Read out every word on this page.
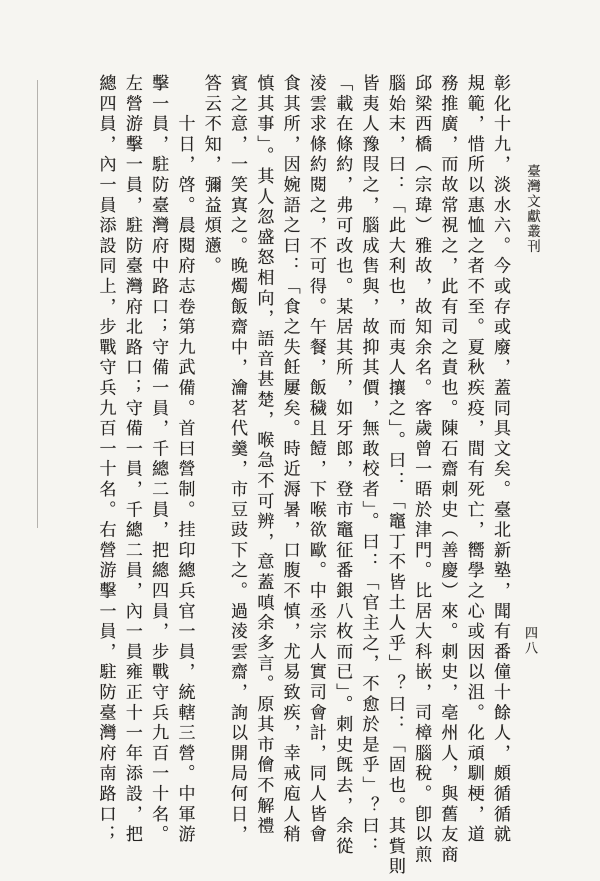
臺灣文獻叢刊
四八
彰化十九，淡水六。今或存或廢，蓋同具文矣。臺北新塾，聞有番僮十餘人，頗循循就
規範，惜所以惠恤之者不至。夏秋疾疫，間有死亡，嚮學之心或因以沮。化頑馴梗，道
務推廣，而故常視之，此有司之責也。陳石齋刺史（善慶）來。刺史，亳州人，與舊友商
邱梁西橋（宗瑋）雅故，故知余名。客歲曾一晤於津門。比居大科嵌，司樟腦稅。卽以煎
腦始末，曰：「此大利也，而夷人攘之」。曰：「竈丁不皆土人乎」？曰：「固也。其貲則
皆夷人豫叚之，腦成售與，故抑其價，無敢校者」。曰：「官主之，不愈於是乎」？曰：
「載在條約，弗可改也。某居其所，如牙郎，登市竈征番銀八枚而已」。刺史旣去，余從
淩雲求條約閱之，不可得。午餐，飯穢且饐，下喉欲歐。中丞宗人實司會計，同人皆會
食其所，因婉語之曰：「食之失飪屢矣。時近溽暑，口腹不慎，尤易致疾，幸戒庖人稍
慎其事」。其人忽盛怒相向，語音甚楚，喉急不可辨，意蓋嗔余多言。原其市儈不解禮
賓之意，一笑寘之。晚燭飯齋中，瀹茗代羹，市豆豉下之。過淩雲齋，詢以開局何日，
答云不知，彌益煩懣。
　　十日，啓。晨閱府志卷第九武備。首曰營制。挂印總兵官一員，統轄三營。中軍游
擊一員，駐防臺灣府中路口；守備一員，千總二員，把總四員，步戰守兵九百一十名。
左營游擊一員，駐防臺灣府北路口；守備一員，千總二員，內一員雍正十一年添設，把
總四員，內一員添設同上，步戰守兵九百一十名。右營游擊一員，駐防臺灣府南路口；
